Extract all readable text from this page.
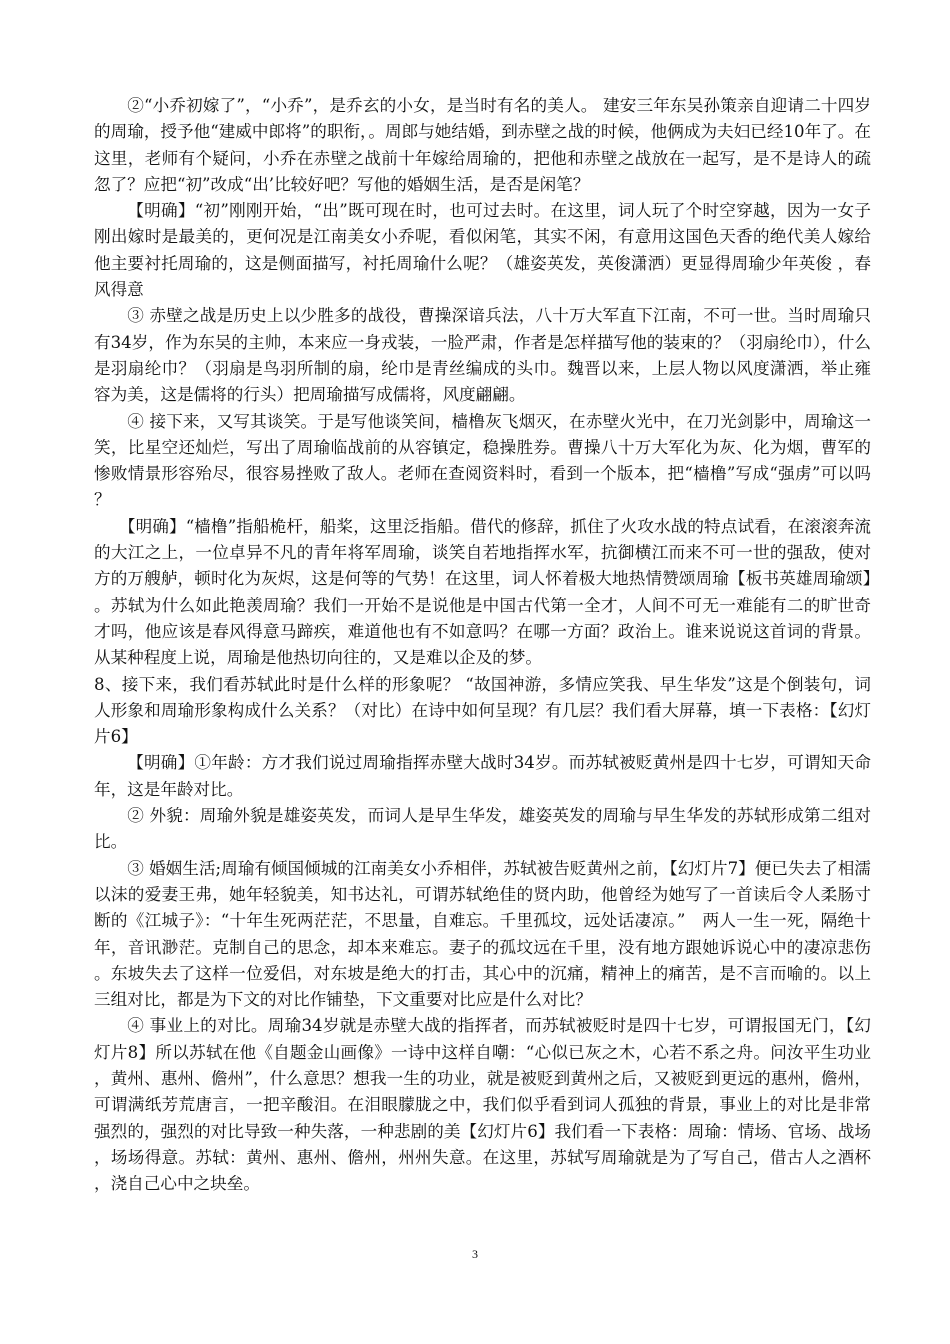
②“小乔初嫁了”，“小乔”，是乔玄的小女，是当时有名的美人。 建安三年东吴孙策亲自迎请二十四岁的周瑜，授予他“建威中郎将”的职衔，。周郎与她结婚，到赤壁之战的时候，他俩成为夫妇已经10年了。在这里，老师有个疑问，小乔在赤壁之战前十年嫁给周瑜的，把他和赤壁之战放在一起写，是不是诗人的疏忽了？应把“初”改成“出’比较好吧？写他的婚姻生活，是否是闲笔？

【明确】“初”刚刚开始，“出”既可现在时，也可过去时。在这里，词人玩了个时空穿越，因为一女子刚出嫁时是最美的，更何况是江南美女小乔呢，看似闲笔，其实不闲，有意用这国色天香的绝代美人嫁给他主要衬托周瑜的，这是侧面描写，衬托周瑜什么呢？（雄姿英发，英俊潇洒）更显得周瑜少年英俊 ，春风得意

③ 赤壁之战是历史上以少胜多的战役，曹操深谙兵法，八十万大军直下江南，不可一世。当时周瑜只有34岁，作为东吴的主帅，本来应一身戎装，一脸严肃，作者是怎样描写他的装束的？（羽扇纶巾），什么是羽扇纶巾？（羽扇是鸟羽所制的扇，纶巾是青丝编成的头巾。魏晋以来，上层人物以风度潇洒，举止雍容为美，这是儒将的行头）把周瑜描写成儒将，风度翩翩。

④ 接下来，又写其谈笑。于是写他谈笑间，樯橹灰飞烟灭，在赤壁火光中，在刀光剑影中，周瑜这一笑，比星空还灿烂，写出了周瑜临战前的从容镇定，稳操胜券。曹操八十万大军化为灰、化为烟，曹军的惨败情景形容殆尽，很容易挫败了敌人。老师在查阅资料时，看到一个版本，把“樯橹”写成“强虏”可以吗？

【明确】“樯橹”指船桅杆，船桨，这里泛指船。借代的修辞，抓住了火攻水战的特点试看，在滚滚奔流的大江之上，一位卓异不凡的青年将军周瑜，谈笑自若地指挥水军，抗御横江而来不可一世的强敌，使对方的万艘舻，顿时化为灰烬，这是何等的气势！在这里，词人怀着极大地热情赞颂周瑜【板书英雄周瑜颂】。苏轼为什么如此艳羡周瑜？我们一开始不是说他是中国古代第一全才，人间不可无一难能有二的旷世奇才吗，他应该是春风得意马蹄疾，难道他也有不如意吗？在哪一方面？政治上。谁来说说这首词的背景。从某种程度上说，周瑜是他热切向往的，又是难以企及的梦。

8、接下来，我们看苏轼此时是什么样的形象呢？ “故国神游，多情应笑我、早生华发”这是个倒装句，词人形象和周瑜形象构成什么关系？（对比）在诗中如何呈现？有几层？我们看大屏幕，填一下表格：【幻灯片6】

【明确】①年龄：方才我们说过周瑜指挥赤壁大战时34岁。而苏轼被贬黄州是四十七岁，可谓知天命年，这是年龄对比。

② 外貌：周瑜外貌是雄姿英发，而词人是早生华发，雄姿英发的周瑜与早生华发的苏轼形成第二组对比。

③ 婚姻生活;周瑜有倾国倾城的江南美女小乔相伴，苏轼被告贬黄州之前，【幻灯片7】便已失去了相濡以沫的爱妻王弗，她年轻貌美，知书达礼，可谓苏轼绝佳的贤内助，他曾经为她写了一首读后令人柔肠寸断的《江城子》：“十年生死两茫茫，不思量，自难忘。千里孤坟，远处话凄凉。”　两人一生一死，隔绝十年，音讯渺茫。克制自己的思念，却本来难忘。妻子的孤坟远在千里，没有地方跟她诉说心中的凄凉悲伤。东坡失去了这样一位爱侣，对东坡是绝大的打击，其心中的沉痛，精神上的痛苦，是不言而喻的。以上三组对比，都是为下文的对比作铺垫，下文重要对比应是什么对比？

④ 事业上的对比。周瑜34岁就是赤壁大战的指挥者，而苏轼被贬时是四十七岁，可谓报国无门，【幻灯片8】所以苏轼在他《自题金山画像》一诗中这样自嘲：“心似已灰之木，心若不系之舟。问汝平生功业，黄州、惠州、儋州”，什么意思？想我一生的功业，就是被贬到黄州之后，又被贬到更远的惠州，儋州，可谓满纸芳荒唐言，一把辛酸泪。在泪眼朦胧之中，我们似乎看到词人孤独的背景，事业上的对比是非常强烈的，强烈的对比导致一种失落，一种悲剧的美【幻灯片6】我们看一下表格：周瑜：情场、官场、战场，场场得意。苏轼：黄州、惠州、儋州，州州失意。在这里，苏轼写周瑜就是为了写自己，借古人之酒杯，浇自己心中之块垒。

3
